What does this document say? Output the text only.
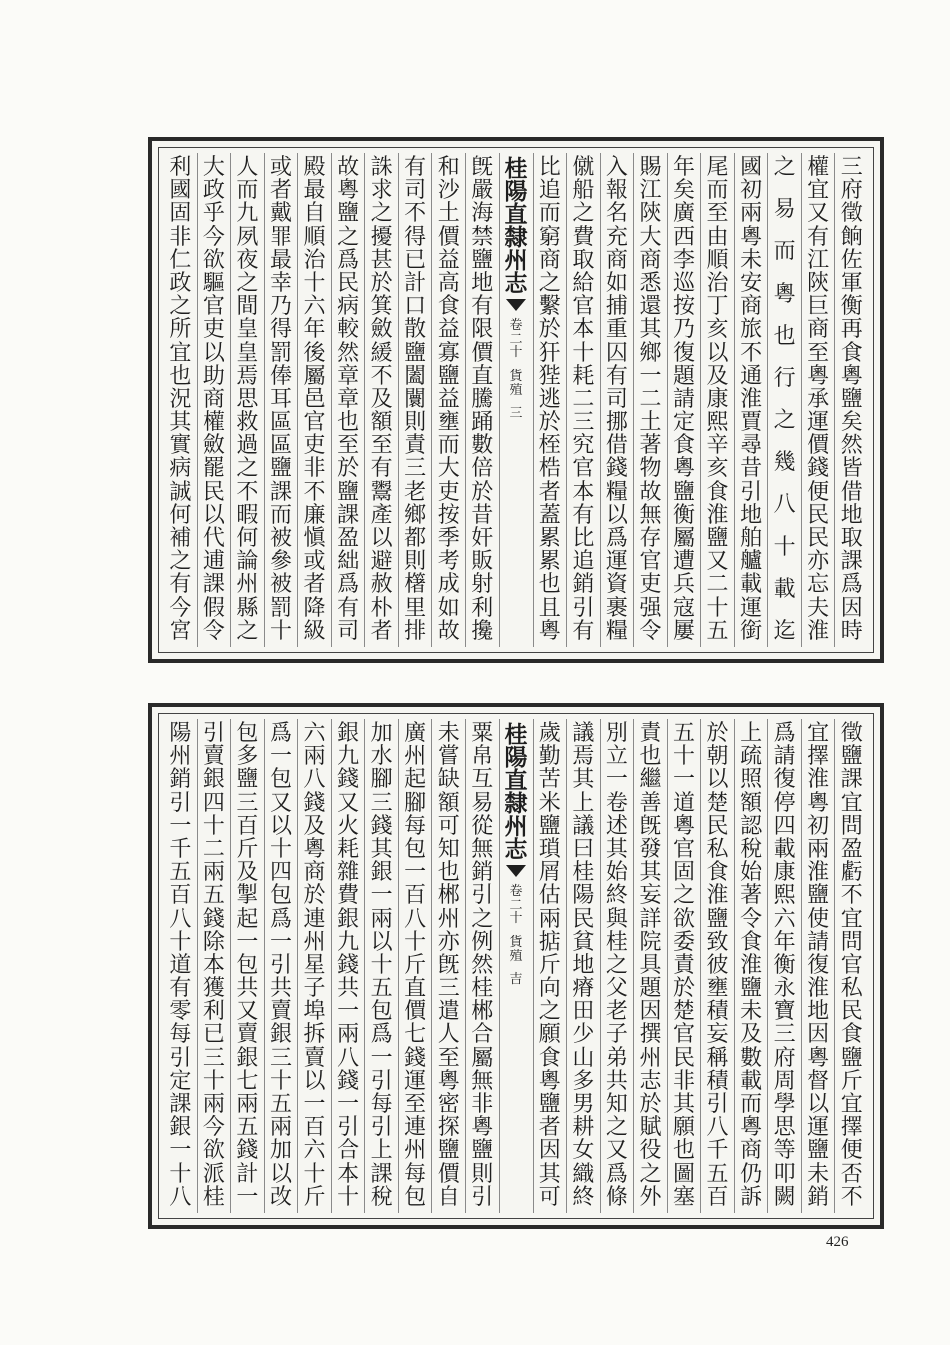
三
府
徵
餉
佐
軍
衡
再
食
粵
鹽
矣
然
皆
借
地
取
課
爲
因
時
權
宜
又
有
江
陝
巨
商
至
粵
承
運
價
錢
便
民
民
亦
忘
夫
淮
之
易
而
粵
也
行
之
幾
八
十
載
迄
國
初
兩
粵
未
安
商
旅
不
通
淮
賈
尋
昔
引
地
舶
艫
載
運
銜
尾
而
至
由
順
治
丁
亥
以
及
康
熙
辛
亥
食
淮
鹽
又
二
十
五
年
矣
廣
西
李
巡
按
乃
復
題
請
定
食
粵
鹽
衡
屬
遭
兵
寇
屢
賜
江
陝
大
商
悉
還
其
鄉
一
二
土
著
物
故
無
存
官
吏
强
令
入
報
名
充
商
如
捕
重
囚
有
司
挪
借
錢
糧
以
爲
運
資
裹
糧
僦
船
之
費
取
給
官
本
十
耗
二
三
究
官
本
有
比
追
銷
引
有
比
追
而
窮
商
之
繫
於
犴
狴
逃
於
桎
梏
者
蓋
累
累
也
且
粵
桂
陽
直
隸
州
志
卷
二
十
貨
殖
三
旣
嚴
海
禁
鹽
地
有
限
價
直
騰
踊
數
倍
於
昔
奸
販
射
利
攙
和
沙
土
價
益
高
食
益
寡
鹽
益
壅
而
大
吏
按
季
考
成
如
故
有
司
不
得
已
計
口
散
鹽
闔
闤
則
責
三
老
鄉
都
則
櫡
里
排
誅
求
之
擾
甚
於
箕
斂
緩
不
及
額
至
有
鬻
產
以
避
赦
朴
者
故
粵
鹽
之
爲
民
病
較
然
章
章
也
至
於
鹽
課
盈
絀
爲
有
司
殿
最
自
順
治
十
六
年
後
屬
邑
官
吏
非
不
廉
愼
或
者
降
級
或
者
戴
罪
最
幸
乃
得
罰
俸
耳
區
區
鹽
課
而
被
參
被
罰
十
人
而
九
夙
夜
之
間
皇
皇
焉
思
救
過
之
不
暇
何
論
州
縣
之
大
政
乎
今
欲
驅
官
吏
以
助
商
權
斂
罷
民
以
代
逋
課
假
令
利
國
固
非
仁
政
之
所
宜
也
況
其
實
病
誠
何
補
之
有
今
宮
徵
鹽
課
宜
問
盈
虧
不
宜
問
官
私
民
食
鹽
斤
宜
擇
便
否
不
宜
擇
淮
粵
初
兩
淮
鹽
使
請
復
淮
地
因
粵
督
以
運
鹽
未
銷
爲
請
復
停
四
載
康
熙
六
年
衡
永
寶
三
府
周
學
思
等
叩
闕
上
疏
照
額
認
稅
始
著
令
食
淮
鹽
未
及
數
載
而
粵
商
仍
訴
於
朝
以
楚
民
私
食
淮
鹽
致
彼
壅
積
妄
稱
積
引
八
千
五
百
五
十
一
道
粵
官
固
之
欲
委
責
於
楚
官
民
非
其
願
也
圖
塞
責
也
繼
善
旣
發
其
妄
詳
院
具
題
因
撰
州
志
於
賦
役
之
外
別
立
一
卷
述
其
始
終
與
桂
之
父
老
子
弟
共
知
之
又
爲
條
議
焉
其
上
議
曰
桂
陽
民
貧
地
瘠
田
少
山
多
男
耕
女
織
終
歲
勤
苦
米
鹽
瑣
屑
估
兩
掂
斤
向
之
願
食
粵
鹽
者
因
其
可
桂
陽
直
隸
州
志
卷
二
十
貨
殖
吉
粟
帛
互
易
從
無
銷
引
之
例
然
桂
郴
合
屬
無
非
粵
鹽
則
引
未
嘗
缺
額
可
知
也
郴
州
亦
旣
三
遣
人
至
粵
密
探
鹽
價
自
廣
州
起
腳
每
包
一
百
八
十
斤
直
價
七
錢
運
至
連
州
每
包
加
水
腳
三
錢
其
銀
一
兩
以
十
五
包
爲
一
引
每
引
上
課
稅
銀
九
錢
又
火
耗
雜
費
銀
九
錢
共
一
兩
八
錢
一
引
合
本
十
六
兩
八
錢
及
粵
商
於
連
州
星
子
埠
拆
賣
以
一
百
六
十
斤
爲
一
包
又
以
十
四
包
爲
一
引
共
賣
銀
三
十
五
兩
加
以
改
包
多
鹽
三
百
斤
及
掣
起
一
包
共
又
賣
銀
七
兩
五
錢
計
一
引
賣
銀
四
十
二
兩
五
錢
除
本
獲
利
已
三
十
兩
今
欲
派
桂
陽
州
銷
引
一
千
五
百
八
十
道
有
零
每
引
定
課
銀
一
十
八
426
